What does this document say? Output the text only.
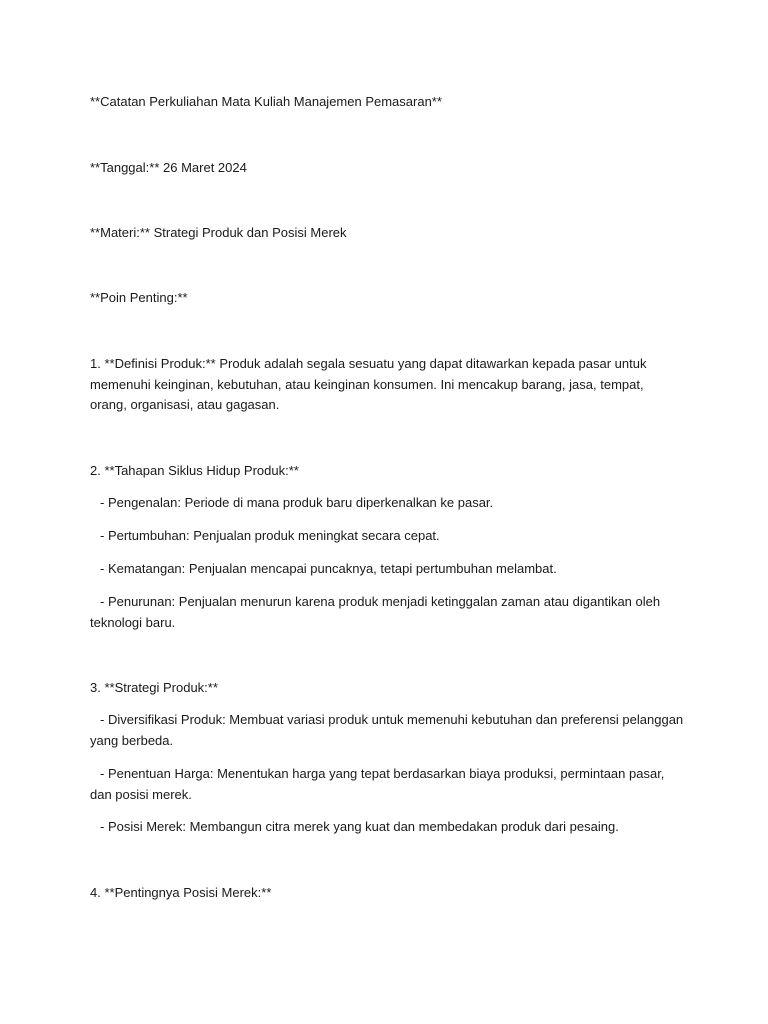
**Catatan Perkuliahan Mata Kuliah Manajemen Pemasaran**
**Tanggal:** 26 Maret 2024
**Materi:** Strategi Produk dan Posisi Merek
**Poin Penting:**
1. **Definisi Produk:** Produk adalah segala sesuatu yang dapat ditawarkan kepada pasar untuk memenuhi keinginan, kebutuhan, atau keinginan konsumen. Ini mencakup barang, jasa, tempat, orang, organisasi, atau gagasan.
2. **Tahapan Siklus Hidup Produk:**
- Pengenalan: Periode di mana produk baru diperkenalkan ke pasar.
- Pertumbuhan: Penjualan produk meningkat secara cepat.
- Kematangan: Penjualan mencapai puncaknya, tetapi pertumbuhan melambat.
- Penurunan: Penjualan menurun karena produk menjadi ketinggalan zaman atau digantikan oleh teknologi baru.
3. **Strategi Produk:**
- Diversifikasi Produk: Membuat variasi produk untuk memenuhi kebutuhan dan preferensi pelanggan yang berbeda.
- Penentuan Harga: Menentukan harga yang tepat berdasarkan biaya produksi, permintaan pasar, dan posisi merek.
- Posisi Merek: Membangun citra merek yang kuat dan membedakan produk dari pesaing.
4. **Pentingnya Posisi Merek:**
